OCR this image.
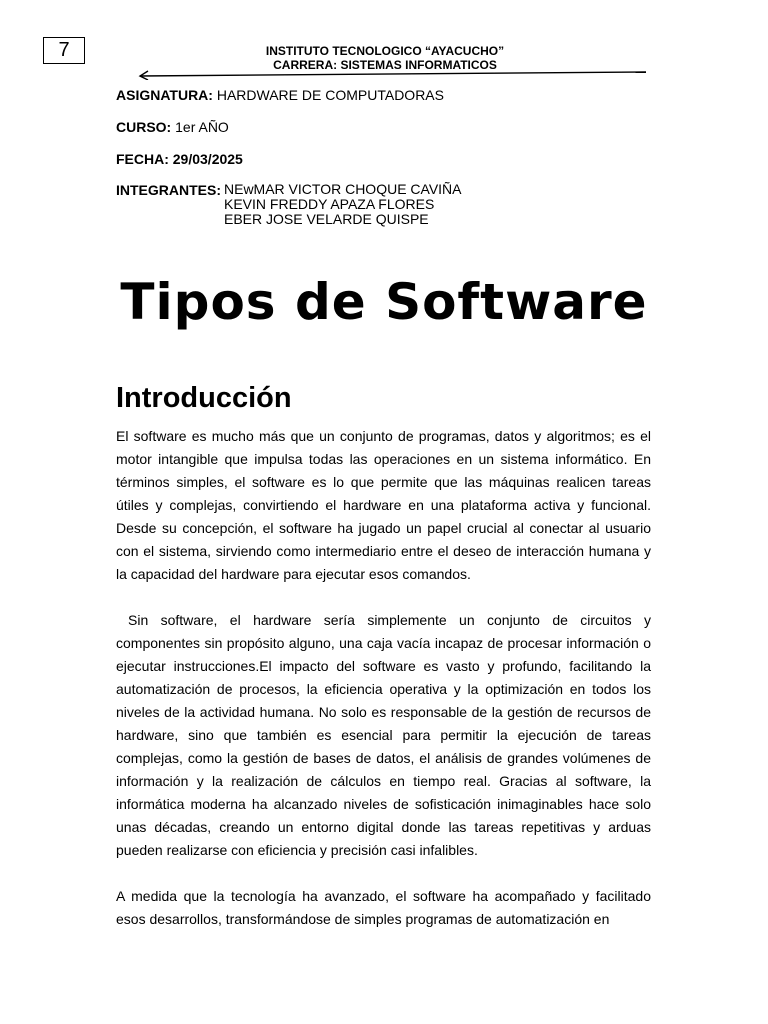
7	INSTITUTO TECNOLOGICO “AYACUCHO”
CARRERA: SISTEMAS INFORMATICOS
ASIGNATURA: HARDWARE DE COMPUTADORAS
CURSO: 1er AÑO
FECHA: 29/03/2025
INTEGRANTES: NEwMAR VICTOR CHOQUE CAVIÑA
KEVIN FREDDY APAZA FLORES
EBER JOSE VELARDE QUISPE
Tipos de Software
Introducción

El software es mucho más que un conjunto de programas, datos y algoritmos; es el motor intangible que impulsa todas las operaciones en un sistema informático. En términos simples, el software es lo que permite que las máquinas realicen tareas útiles y complejas, convirtiendo el hardware en una plataforma activa y funcional. Desde su concepción, el software ha jugado un papel crucial al conectar al usuario con el sistema, sirviendo como intermediario entre el deseo de interacción humana y la capacidad del hardware para ejecutar esos comandos.

Sin software, el hardware sería simplemente un conjunto de circuitos y componentes sin propósito alguno, una caja vacía incapaz de procesar información o ejecutar instrucciones.El impacto del software es vasto y profundo, facilitando la automatización de procesos, la eficiencia operativa y la optimización en todos los niveles de la actividad humana. No solo es responsable de la gestión de recursos de hardware, sino que también es esencial para permitir la ejecución de tareas complejas, como la gestión de bases de datos, el análisis de grandes volúmenes de información y la realización de cálculos en tiempo real. Gracias al software, la informática moderna ha alcanzado niveles de sofisticación inimaginables hace solo unas décadas, creando un entorno digital donde las tareas repetitivas y arduas pueden realizarse con eficiencia y precisión casi infalibles.

A medida que la tecnología ha avanzado, el software ha acompañado y facilitado esos desarrollos, transformándose de simples programas de automatización en
